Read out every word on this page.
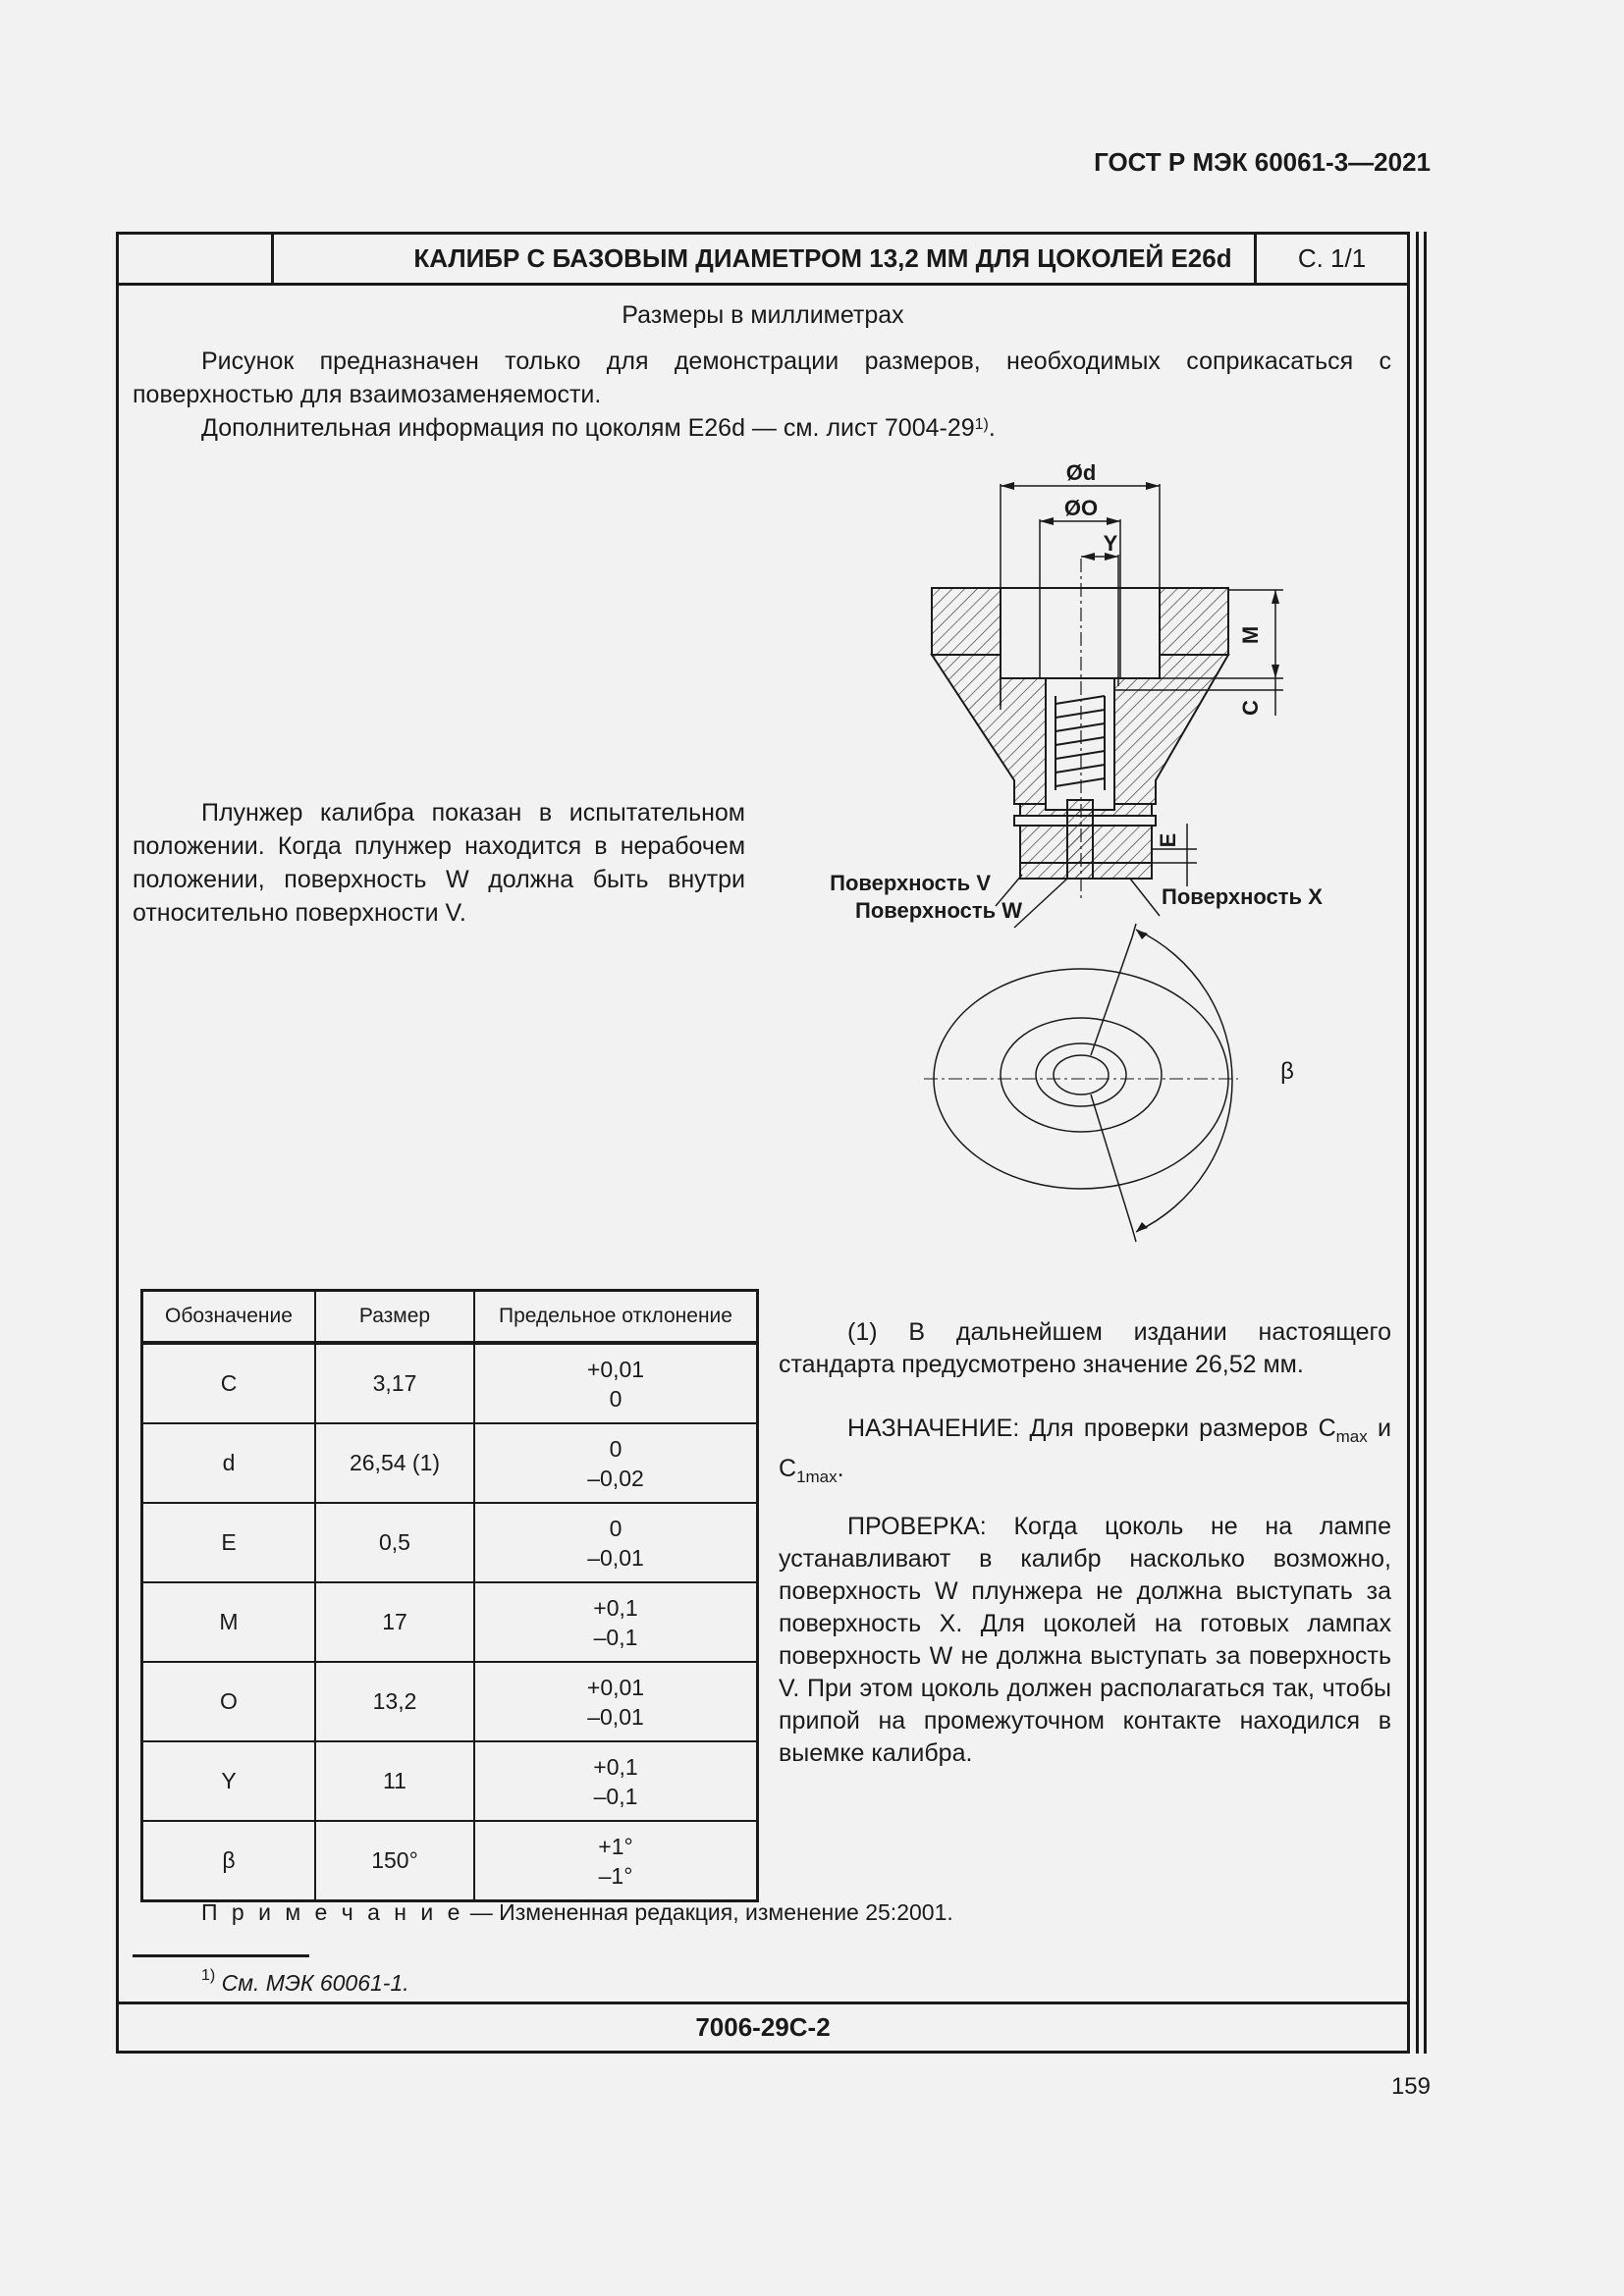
ГОСТ Р МЭК 60061-3—2021
КАЛИБР С БАЗОВЫМ ДИАМЕТРОМ 13,2 ММ ДЛЯ ЦОКОЛЕЙ E26d	С. 1/1
Размеры в миллиметрах
Рисунок предназначен только для демонстрации размеров, необходимых соприкасаться с поверхностью для взаимозаменяемости.
Дополнительная информация по цоколям E26d — см. лист 7004-29$^{1)}$.
Плунжер калибра показан в испытательном положении. Когда плунжер находится в нерабочем положении, поверхность W должна быть внутри относительно поверхности V.
Ød
ØO
Y
M
C
E
Поверхность V
Поверхность W
Поверхность X
β
Обозначение	Размер	Предельное отклонение
C	3,17	+0,01
0

d	26,54 (1)	0
–0,02

E	0,5	0
–0,01

M	17	+0,1
–0,1

O	13,2	+0,01
–0,01

Y	11	+0,1
–0,1

β	150°	+1°
–1°
(1) В дальнейшем издании настоящего стандарта предусмотрено значение 26,52 мм.
НАЗНАЧЕНИЕ: Для проверки размеров $C_{max}$ и $C_{1max}$.
ПРОВЕРКА: Когда цоколь не на лампе устанавливают в калибр насколько возможно, поверхность W плунжера не должна выступать за поверхность X. Для цоколей на готовых лампах поверхность W не должна выступать за поверхность V. При этом цоколь должен располагаться так, чтобы припой на промежуточном контакте находился в выемке калибра.
П р и м е ч а н и е — Измененная редакция, изменение 25:2001.
$^{1)}$ См. МЭК 60061-1.
7006-29C-2
159
